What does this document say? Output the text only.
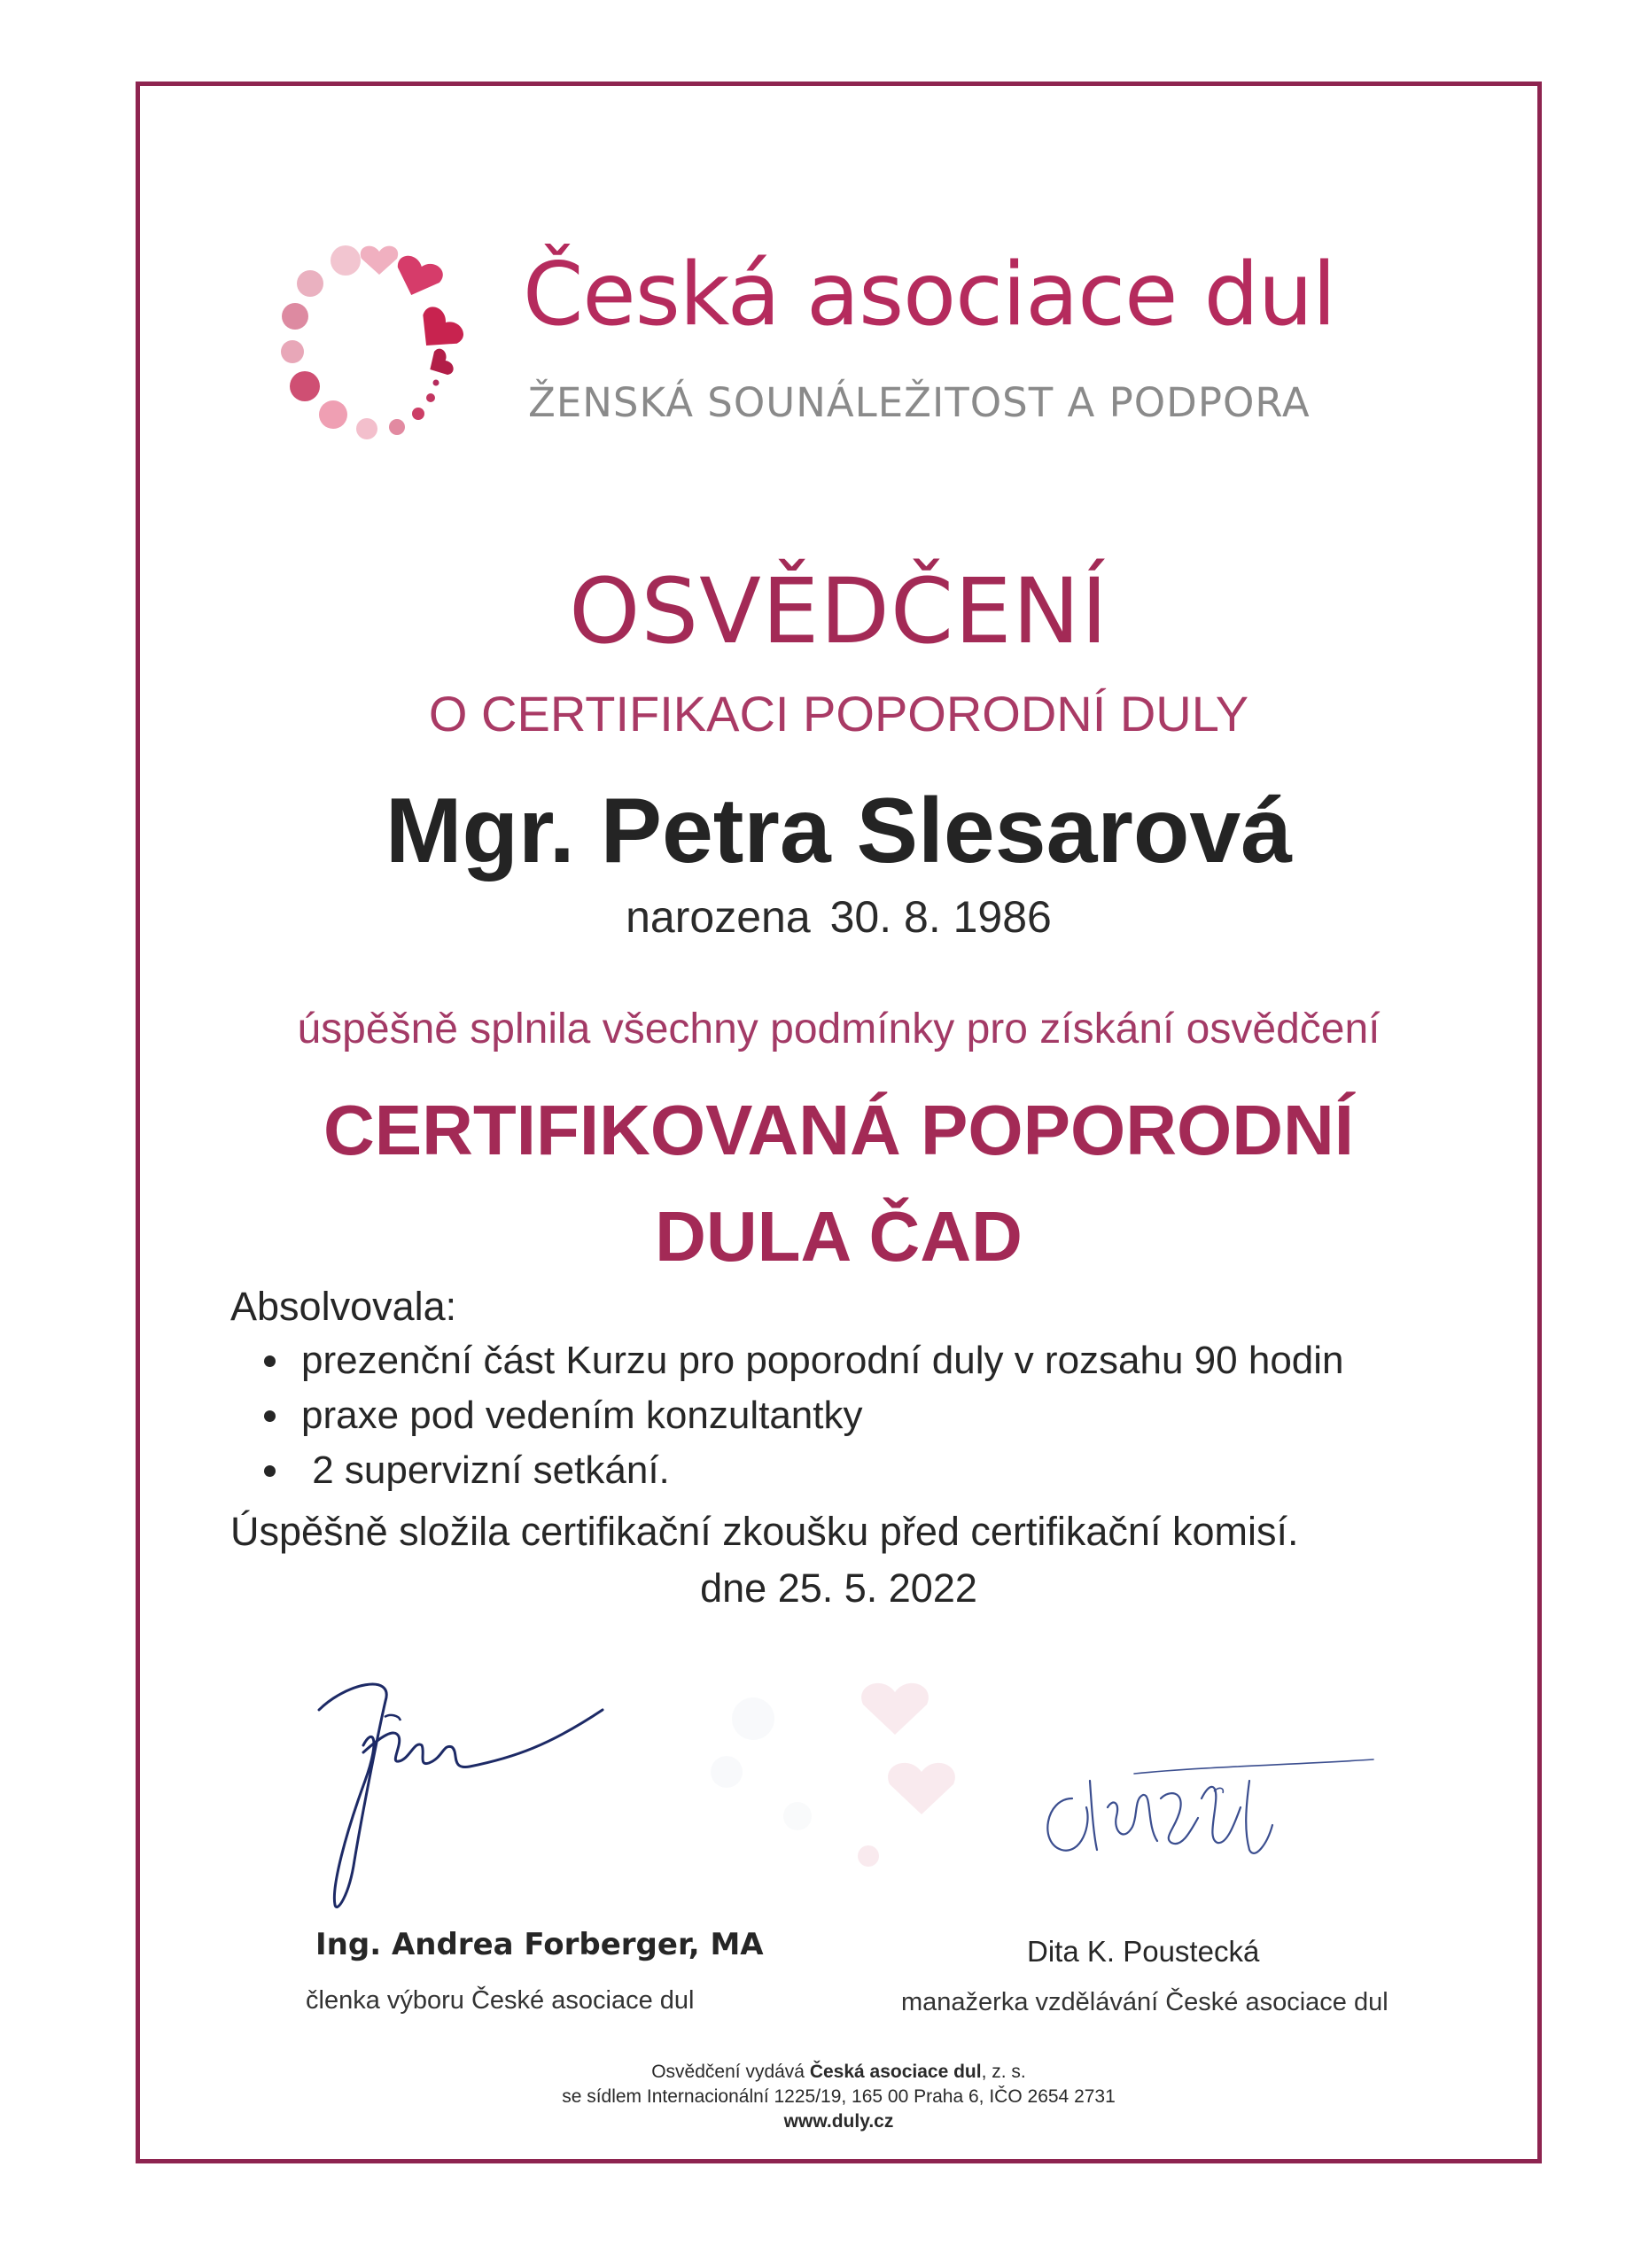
Česká asociace dul
ŽENSKÁ SOUNÁLEŽITOST A PODPORA
OSVĚDČENÍ
O CERTIFIKACI POPORODNÍ DULY
Mgr. Petra Slesarová
narozena 30. 8. 1986
úspěšně splnila všechny podmínky pro získání osvědčení
CERTIFIKOVANÁ POPORODNÍ
DULA ČAD
Absolvovala:
prezenční část Kurzu pro poporodní duly v rozsahu 90 hodin
praxe pod vedením konzultantky
2 supervizní setkání.
Úspěšně složila certifikační zkoušku před certifikační komisí.
dne 25. 5. 2022
Ing. Andrea Forberger, MA
členka výboru České asociace dul
Dita K. Poustecká
manažerka vzdělávání České asociace dul
Osvědčení vydává Česká asociace dul, z. s.
se sídlem Internacionální 1225/19, 165 00 Praha 6, IČO 2654 2731
www.duly.cz
